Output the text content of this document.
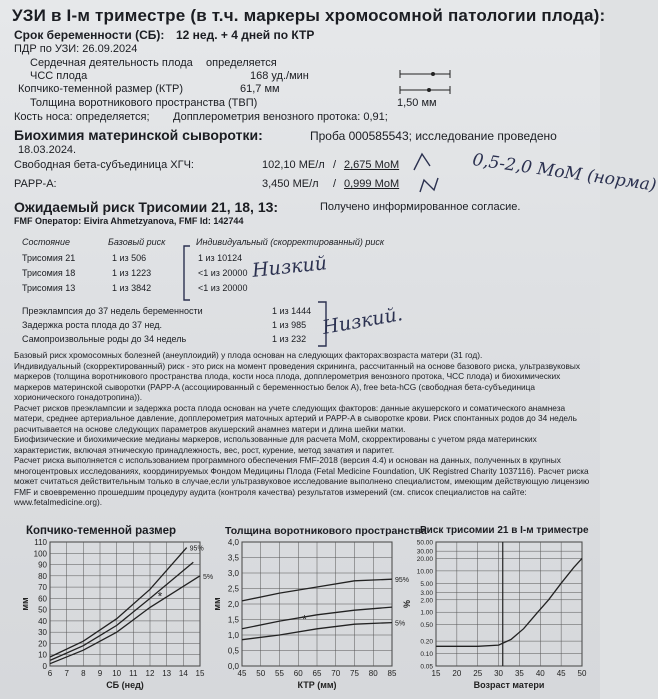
УЗИ в I-м триместре (в т.ч. маркеры хромосомной патологии плода):
Срок беременности (СБ): 12 нед. + 4 дней по КТР
ПДР по УЗИ: 26.09.2024
Сердечная деятельность плода определяется
ЧСС плода	168 уд./мин
Копчико-теменной размер (КТР)	61,7 мм
Толщина воротникового пространства (ТВП)	1,50 мм
Кость носа: определяется; Допплерометрия венозного протока: 0,91;
Биохимия материнской сыворотки:	Проба 000585543; исследование проведено
18.03.2024.
Свободная бета-субъединица ХГЧ:	102,10 МЕ/л / 2,675 МоМ
PAPP-A:	3,450 МЕ/л / 0,999 МоМ	0,5-2,0 МоМ (норма)
Ожидаемый риск Трисомии 21, 18, 13:	Получено информированное согласие.
FMF Оператор: Eivira Ahmetzyanova, FMF Id: 142744
Состояние	Базовый риск	Индивидуальный (скорректированный) риск
Трисомия 21	1 из 506	1 из 10124
Трисомия 18	1 из 1223	<1 из 20000
Трисомия 13	1 из 3842	<1 из 20000
Низкий
Преэклампсия до 37 недель беременности	1 из 1444
Задержка роста плода до 37 нед.	1 из 985
Самопроизвольные роды до 34 недель	1 из 232
Низкий.
Базовый риск хромосомных болезней (анеуплоидий) у плода основан на следующих факторах:возраста матери (31 год).
Индивидуальный (скорректированный) риск - это риск на момент проведения скрининга, рассчитанный на основе базового риска, ультразвуковых маркеров (толщина воротникового пространства плода, кости носа плода, допплерометрия венозного протока, ЧСС плода) и биохимических маркеров материнской сыворотки (PAPP-A (ассоциированный с беременностью белок А), free beta-hCG (свободная бета-субъединица хорионического гонадотропина)).
Расчет рисков преэклампсии и задержка роста плода основан на учете следующих факторов: данные акушерского и соматического анамнеза матери, среднее артериальное давление, допплерометрия маточных артерий и PAPP-A в сыворотке крови. Риск спонтанных родов до 34 недель расчитывается на основе следующих параметров акушерский анамнез матери и длина шейки матки.
Биофизические и биохимические медианы маркеров, использованные для расчета МоМ, скорректированы с учетом ряда материнских характеристик, включая этническую принадлежность, вес, рост, курение, метод зачатия и паритет.
Расчет риска выполняется с использованием программного обеспечения FMF-2018 (версия 4.4) и основан на данных, полученных в крупных многоцентровых исследованиях, координируемых Фондом Медицины Плода (Fetal Medicine Foundation, UK Registred Charity 1037116). Расчет риска может считаться действительным только в случае,если ультразвуковое исследование выполнено специалистом, имеющим действующую лицензию FMF и своевременно прошедшим процедуру аудита (контроля качества) результатов измерений (см. список специалистов на сайте: www.fetalmedicine.org).
Копчико-теменной размер	Толщина воротникового пространства
Риск трисомии 21 в I-м триместре
6 7 8 9 10 11 12 13 14 15
0
10
20
30
40
50
60
70
80
90
100
110
СБ (нед)
мм
*
95%
5%
45 50 55 60 65 70 75 80 85
0,0
0,5
1,0
1,5
2,0
2,5
3,0
3,5
4,0
КТР (мм)
мм
*
95%
5%
15 20 25 30 35 40 45 50
0.05
0.10
0.20
0.50
1.00
2.00
3.00
5.00
10.00
20.00
30.00
50.00
Возраст матери
%
